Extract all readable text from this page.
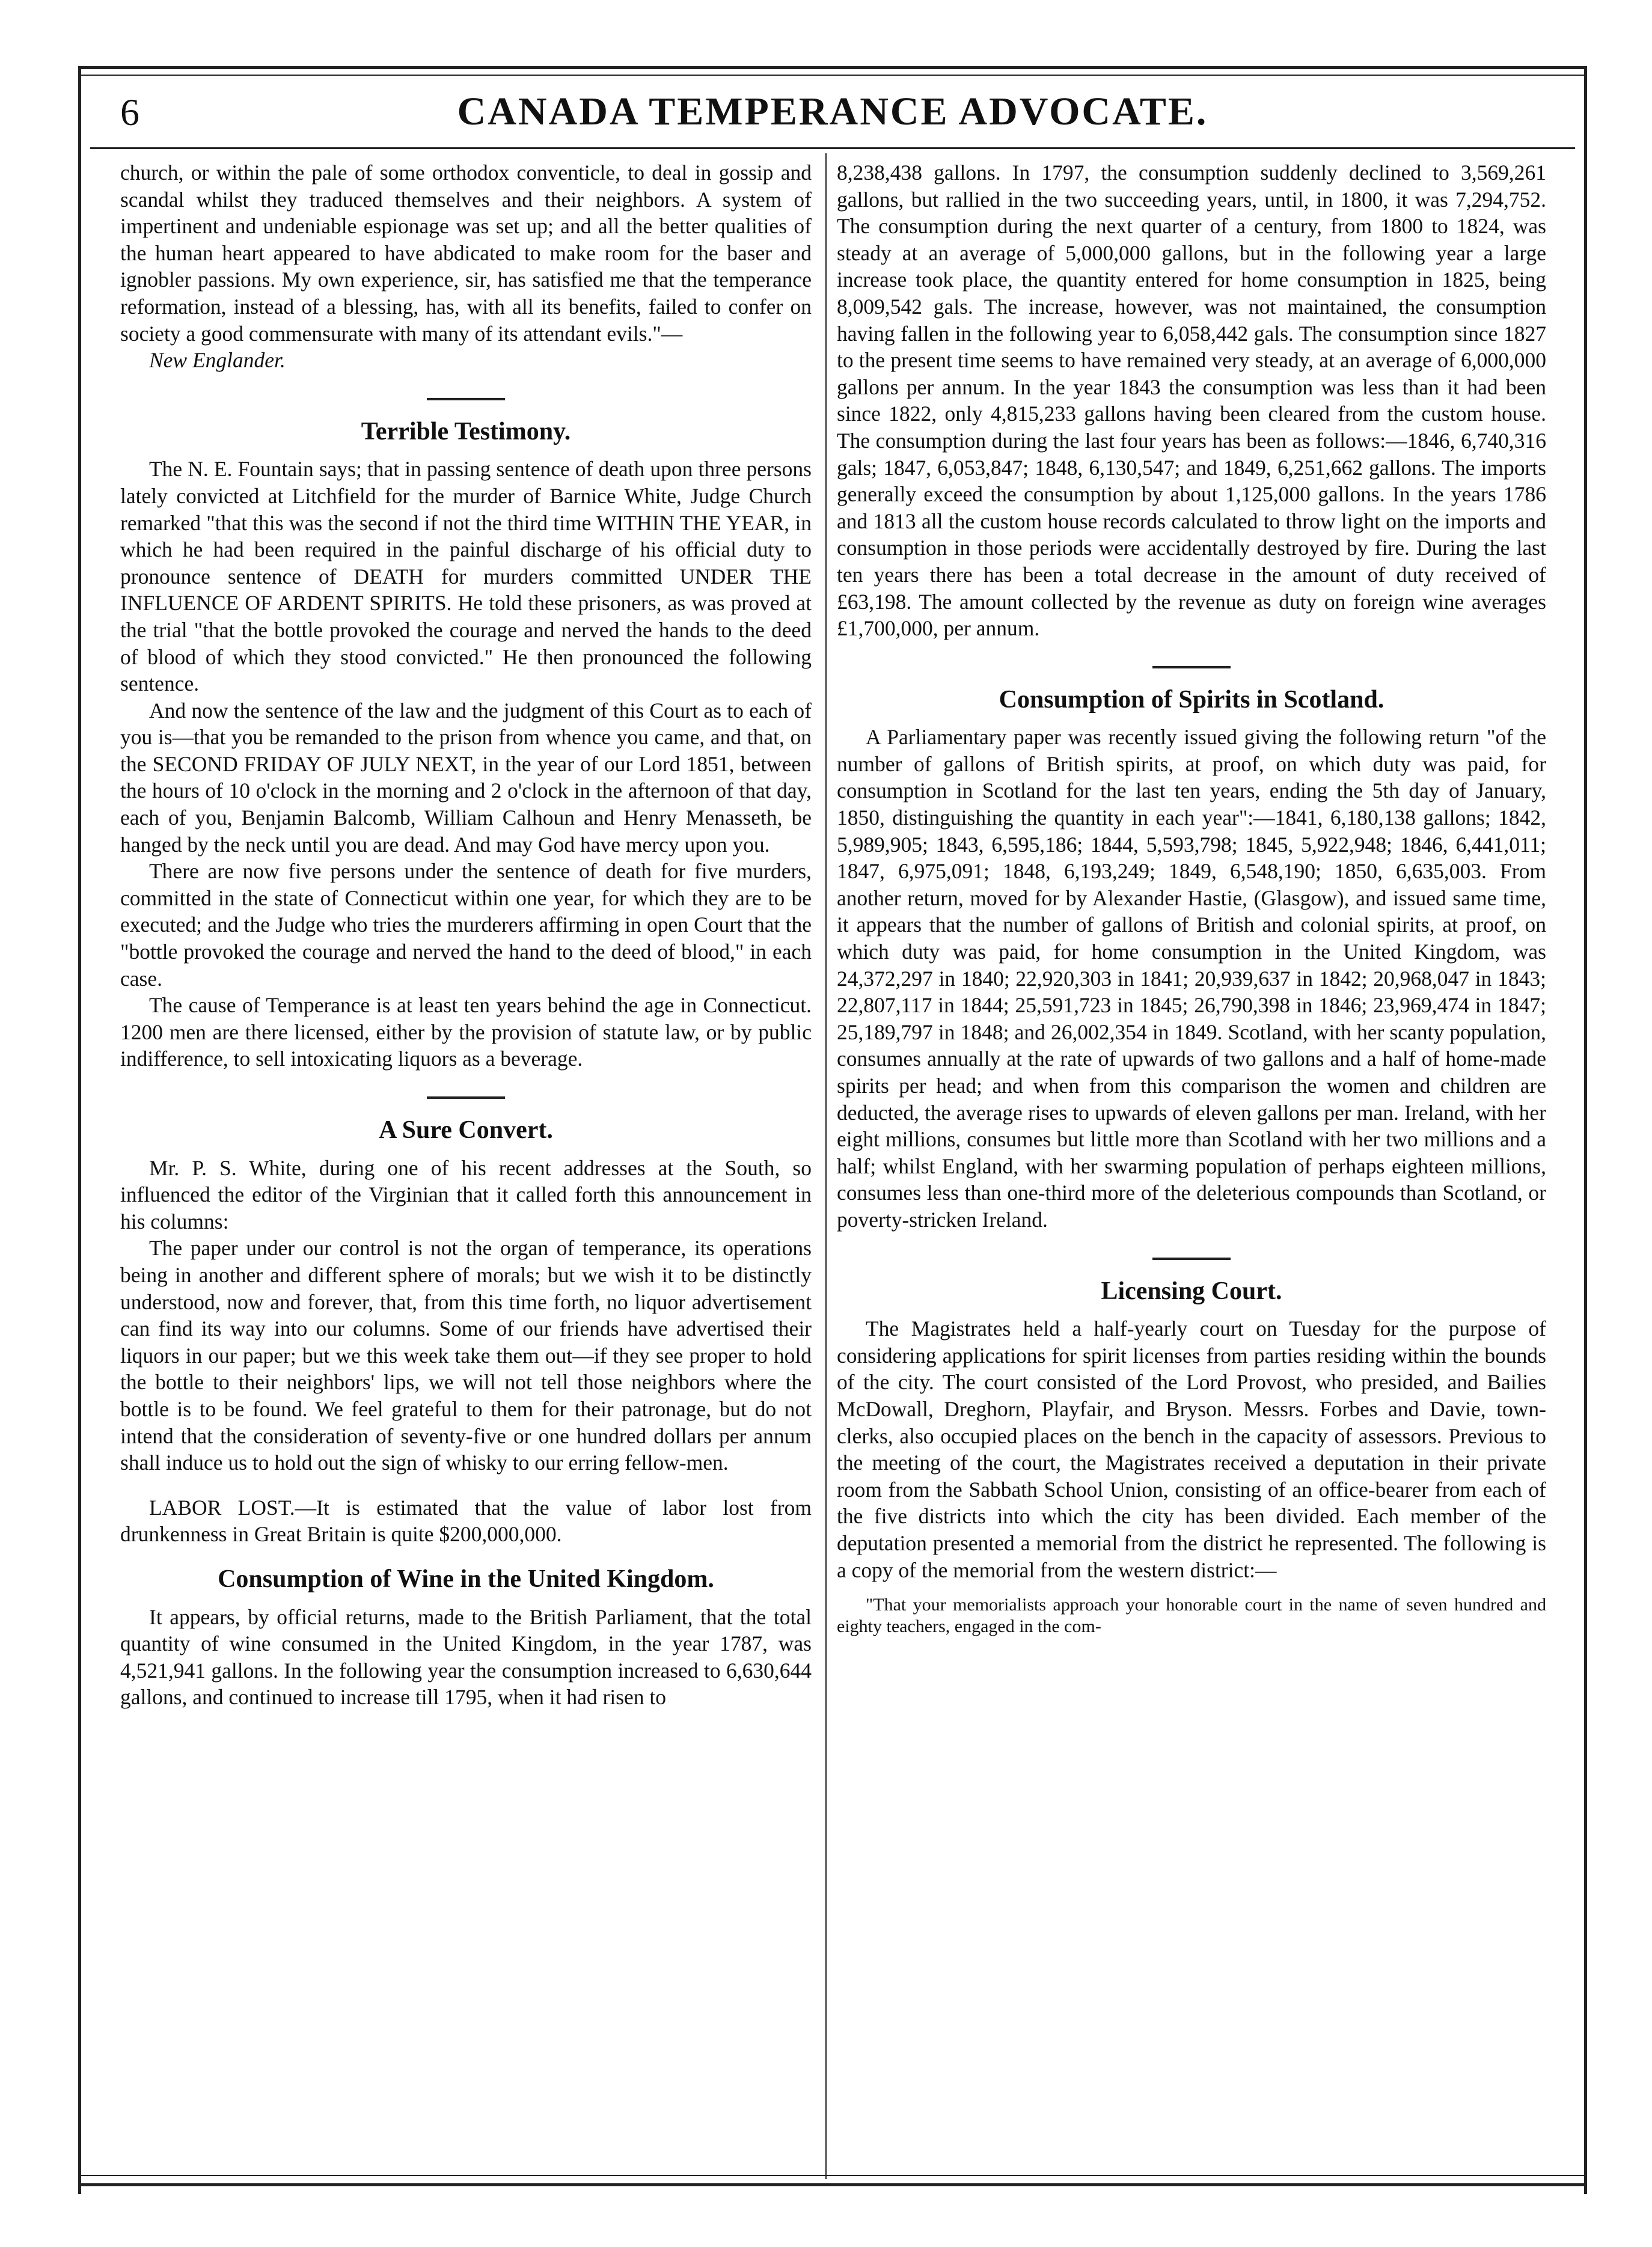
6	CANADA TEMPERANCE ADVOCATE.

church, or within the pale of some orthodox conventicle, to deal in gossip and scandal whilst they traduced themselves and their neighbors. A system of impertinent and undeniable espionage was set up; and all the better qualities of the human heart appeared to have abdicated to make room for the baser and ignobler passions. My own experience, sir, has satisfied me that the temperance reformation, instead of a blessing, has, with all its benefits, failed to confer on society a good commensurate with many of its attendant evils."—

New Englander.

Terrible Testimony.

The N. E. Fountain says; that in passing sentence of death upon three persons lately convicted at Litchfield for the murder of Barnice White, Judge Church remarked "that this was the second if not the third time WITHIN THE YEAR, in which he had been required in the painful discharge of his official duty to pronounce sentence of DEATH for murders committed UNDER THE INFLUENCE OF ARDENT SPIRITS. He told these prisoners, as was proved at the trial "that the bottle provoked the courage and nerved the hands to the deed of blood of which they stood convicted." He then pronounced the following sentence.

And now the sentence of the law and the judgment of this Court as to each of you is—that you be remanded to the prison from whence you came, and that, on the SECOND FRIDAY OF JULY NEXT, in the year of our Lord 1851, between the hours of 10 o'clock in the morning and 2 o'clock in the afternoon of that day, each of you, Benjamin Balcomb, William Calhoun and Henry Menasseth, be hanged by the neck until you are dead. And may God have mercy upon you.

There are now five persons under the sentence of death for five murders, committed in the state of Connecticut within one year, for which they are to be executed; and the Judge who tries the murderers affirming in open Court that the "bottle provoked the courage and nerved the hand to the deed of blood," in each case.

The cause of Temperance is at least ten years behind the age in Connecticut. 1200 men are there licensed, either by the provision of statute law, or by public indifference, to sell intoxicating liquors as a beverage.

A Sure Convert.

Mr. P. S. White, during one of his recent addresses at the South, so influenced the editor of the Virginian that it called forth this announcement in his columns:

The paper under our control is not the organ of temperance, its operations being in another and different sphere of morals; but we wish it to be distinctly understood, now and forever, that, from this time forth, no liquor advertisement can find its way into our columns. Some of our friends have advertised their liquors in our paper; but we this week take them out—if they see proper to hold the bottle to their neighbors' lips, we will not tell those neighbors where the bottle is to be found. We feel grateful to them for their patronage, but do not intend that the consideration of seventy-five or one hundred dollars per annum shall induce us to hold out the sign of whisky to our erring fellow-men.

LABOR LOST.—It is estimated that the value of labor lost from drunkenness in Great Britain is quite $200,000,000.

Consumption of Wine in the United Kingdom.

It appears, by official returns, made to the British Parliament, that the total quantity of wine consumed in the United Kingdom, in the year 1787, was 4,521,941 gallons. In the following year the consumption increased to 6,630,644 gallons, and continued to increase till 1795, when it had risen to

8,238,438 gallons. In 1797, the consumption suddenly declined to 3,569,261 gallons, but rallied in the two succeeding years, until, in 1800, it was 7,294,752. The consumption during the next quarter of a century, from 1800 to 1824, was steady at an average of 5,000,000 gallons, but in the following year a large increase took place, the quantity entered for home consumption in 1825, being 8,009,542 gals. The increase, however, was not maintained, the consumption having fallen in the following year to 6,058,442 gals. The consumption since 1827 to the present time seems to have remained very steady, at an average of 6,000,000 gallons per annum. In the year 1843 the consumption was less than it had been since 1822, only 4,815,233 gallons having been cleared from the custom house. The consumption during the last four years has been as follows:—1846, 6,740,316 gals; 1847, 6,053,847; 1848, 6,130,547; and 1849, 6,251,662 gallons. The imports generally exceed the consumption by about 1,125,000 gallons. In the years 1786 and 1813 all the custom house records calculated to throw light on the imports and consumption in those periods were accidentally destroyed by fire. During the last ten years there has been a total decrease in the amount of duty received of £63,198. The amount collected by the revenue as duty on foreign wine averages £1,700,000, per annum.

Consumption of Spirits in Scotland.

A Parliamentary paper was recently issued giving the following return "of the number of gallons of British spirits, at proof, on which duty was paid, for consumption in Scotland for the last ten years, ending the 5th day of January, 1850, distinguishing the quantity in each year":—1841, 6,180,138 gallons; 1842, 5,989,905; 1843, 6,595,186; 1844, 5,593,798; 1845, 5,922,948; 1846, 6,441,011; 1847, 6,975,091; 1848, 6,193,249; 1849, 6,548,190; 1850, 6,635,003. From another return, moved for by Alexander Hastie, (Glasgow), and issued same time, it appears that the number of gallons of British and colonial spirits, at proof, on which duty was paid, for home consumption in the United Kingdom, was 24,372,297 in 1840; 22,920,303 in 1841; 20,939,637 in 1842; 20,968,047 in 1843; 22,807,117 in 1844; 25,591,723 in 1845; 26,790,398 in 1846; 23,969,474 in 1847; 25,189,797 in 1848; and 26,002,354 in 1849. Scotland, with her scanty population, consumes annually at the rate of upwards of two gallons and a half of home-made spirits per head; and when from this comparison the women and children are deducted, the average rises to upwards of eleven gallons per man. Ireland, with her eight millions, consumes but little more than Scotland with her two millions and a half; whilst England, with her swarming population of perhaps eighteen millions, consumes less than one-third more of the deleterious compounds than Scotland, or poverty-stricken Ireland.

Licensing Court.

The Magistrates held a half-yearly court on Tuesday for the purpose of considering applications for spirit licenses from parties residing within the bounds of the city. The court consisted of the Lord Provost, who presided, and Bailies McDowall, Dreghorn, Playfair, and Bryson. Messrs. Forbes and Davie, town-clerks, also occupied places on the bench in the capacity of assessors. Previous to the meeting of the court, the Magistrates received a deputation in their private room from the Sabbath School Union, consisting of an office-bearer from each of the five districts into which the city has been divided. Each member of the deputation presented a memorial from the district he represented. The following is a copy of the memorial from the western district:—

"That your memorialists approach your honorable court in the name of seven hundred and eighty teachers, engaged in the com-
